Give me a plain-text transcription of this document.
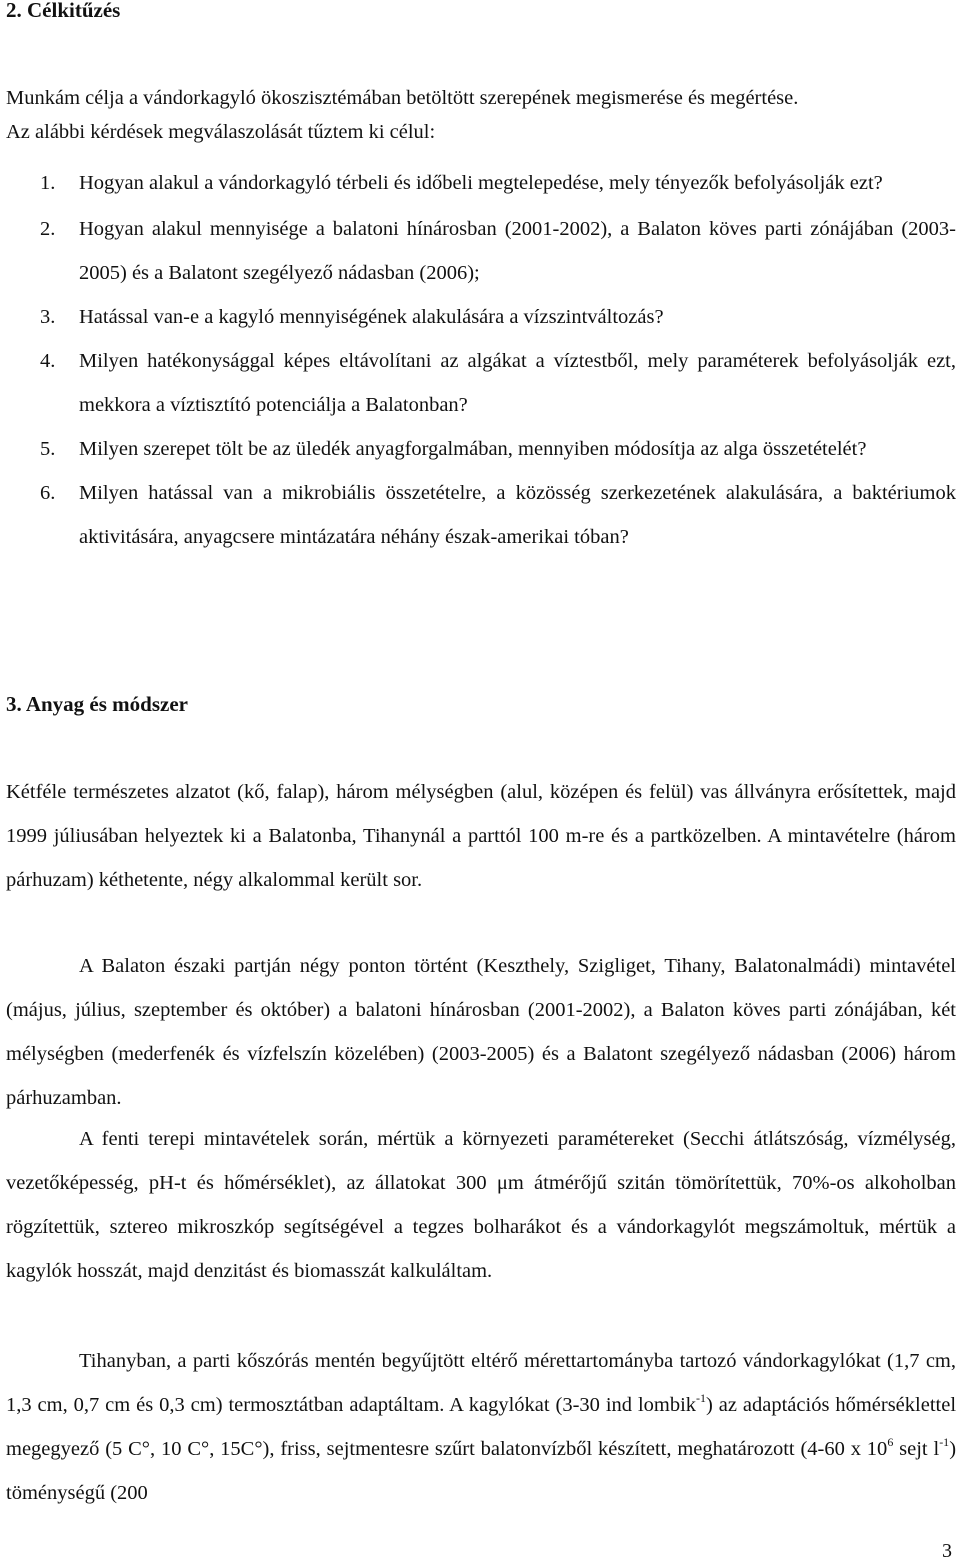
2. Célkitűzés

Munkám célja a vándorkagyló ökoszisztémában betöltött szerepének megismerése és megértése.

Az alábbi kérdések megválaszolását tűztem ki célul:

1. Hogyan alakul a vándorkagyló térbeli és időbeli megtelepedése, mely tényezők befolyásolják ezt?
2. Hogyan alakul mennyisége a balatoni hínárosban (2001-2002), a Balaton köves parti zónájában (2003-2005) és a Balatont szegélyező nádasban (2006);
3. Hatással van-e a kagyló mennyiségének alakulására a vízszintváltozás?
4. Milyen hatékonysággal képes eltávolítani az algákat a víztestből, mely paraméterek befolyásolják ezt, mekkora a víztisztító potenciálja a Balatonban?
5. Milyen szerepet tölt be az üledék anyagforgalmában, mennyiben módosítja az alga összetételét?
6. Milyen hatással van a mikrobiális összetételre, a közösség szerkezetének alakulására, a baktériumok aktivitására, anyagcsere mintázatára néhány észak-amerikai tóban?
3. Anyag és módszer

Kétféle természetes alzatot (kő, falap), három mélységben (alul, középen és felül) vas állványra erősítettek, majd 1999 júliusában helyeztek ki a Balatonba, Tihanynál a parttól 100 m-re és a partközelben. A mintavételre (három párhuzam) kéthetente, négy alkalommal került sor.

A Balaton északi partján négy ponton történt (Keszthely, Szigliget, Tihany, Balatonalmádi) mintavétel (május, július, szeptember és október) a balatoni hínárosban (2001-2002), a Balaton köves parti zónájában, két mélységben (mederfenék és vízfelszín közelében) (2003-2005) és a Balatont szegélyező nádasban (2006) három párhuzamban.

A fenti terepi mintavételek során, mértük a környezeti paramétereket (Secchi átlátszóság, vízmélység, vezetőképesség, pH-t és hőmérséklet), az állatokat 300 μm átmérőjű szitán tömörítettük, 70%-os alkoholban rögzítettük, sztereo mikroszkóp segítségével a tegzes bolharákot és a vándorkagylót megszámoltuk, mértük a kagylók hosszát, majd denzitást és biomasszát kalkuláltam.

Tihanyban, a parti kőszórás mentén begyűjtött eltérő mérettartományba tartozó vándorkagylókat (1,7 cm, 1,3 cm, 0,7 cm és 0,3 cm) termosztátban adaptáltam. A kagylókat (3-30 ind lombik$^{-1}$) az adaptációs hőmérséklettel megegyező (5 C°, 10 C°, 15C°), friss, sejtmentesre szűrt balatonvízből készített, meghatározott (4-60 x $10^6$ sejt $l^{-1}$) töménységű (200

3
